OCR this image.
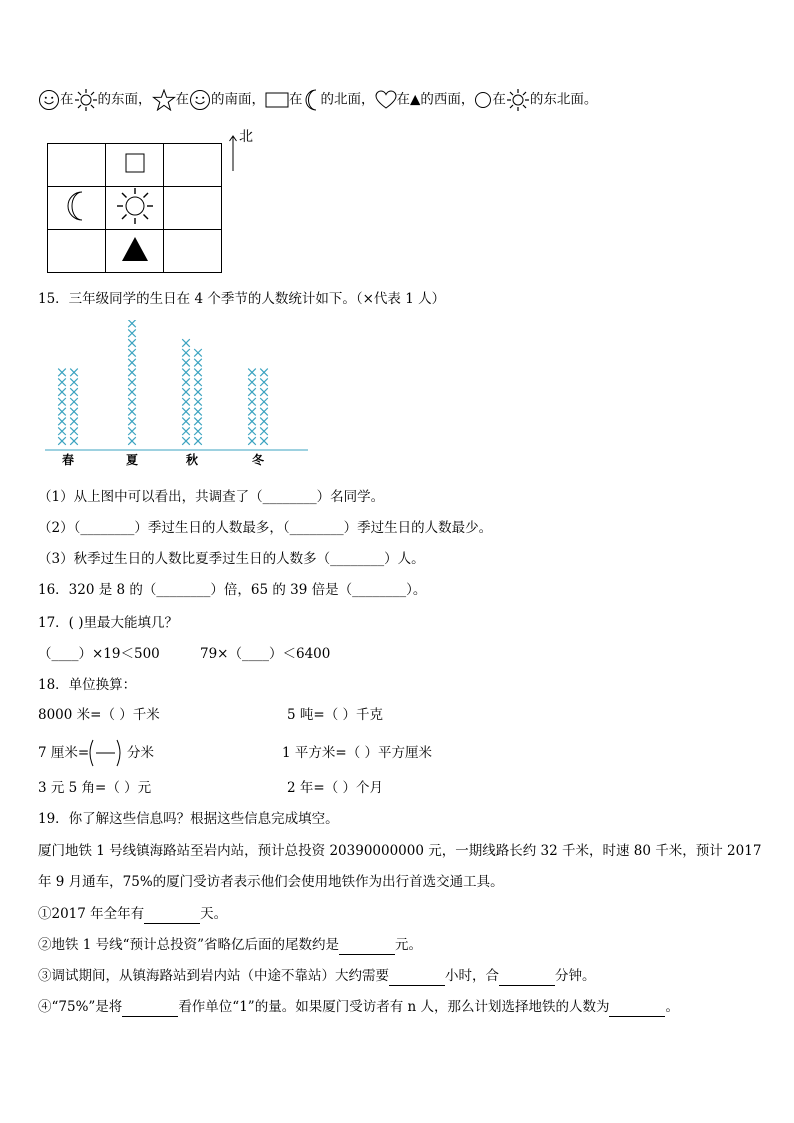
在 的东面， 在 的南面， 在 的北面， 在▲的西面， 在 的东北面。

北
15．三年级同学的生日在 4 个季节的人数统计如下。（×代表 1 人）
春	夏	秋	冬
（1）从上图中可以看出，共调查了（________）名同学。
（2）（________）季过生日的人数最多，（________）季过生日的人数最少。
（3）秋季过生日的人数比夏季过生日的人数多（________）人。
16．320 是 8 的（________）倍，65 的 39 倍是（________）。
17．( )里最大能填几？
（____）×19＜500	79×（____）＜6400
18．单位换算：
8000 米=（ ）千米	5 吨=（ ）千克
7 厘米=	分米	1 平方米=（ ）平方厘米
3 元 5 角=（ ）元	2 年=（ ）个月
19．你了解这些信息吗？根据这些信息完成填空。
厦门地铁 1 号线镇海路站至岩内站，预计总投资 20390000000 元，一期线路长约 32 千米，时速 80 千米，预计 2017
年 9 月通车，75%的厦门受访者表示他们会使用地铁作为出行首选交通工具。
①2017 年全年有	天。
②地铁 1 号线“预计总投资”省略亿后面的尾数约是	元。
③调试期间，从镇海路站到岩内站（中途不靠站）大约需要	小时，合	分钟。
④“75%”是将	看作单位“1”的量。如果厦门受访者有 n 人，那么计划选择地铁的人数为	。
